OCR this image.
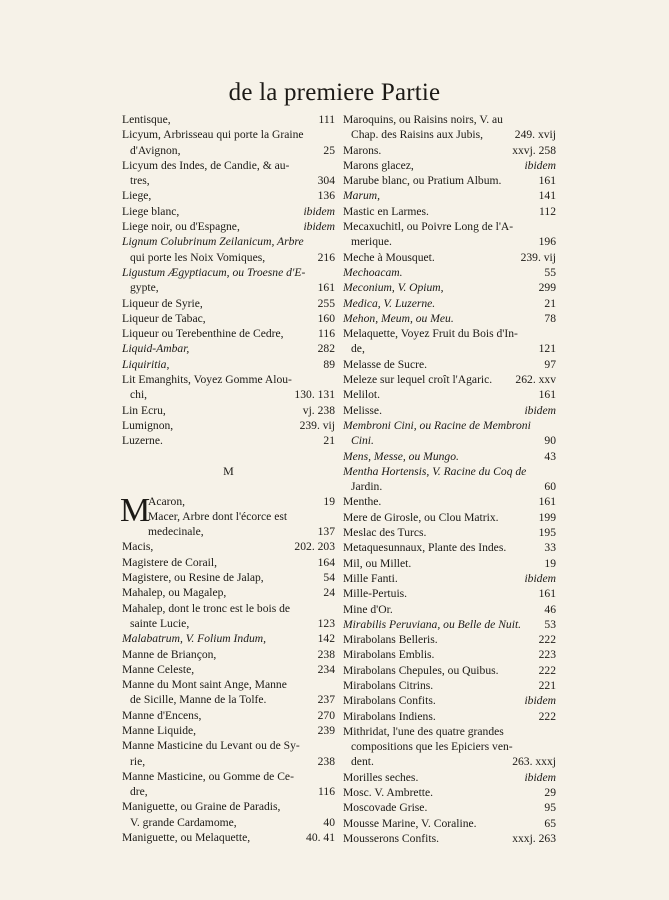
de la premiere Partie
Lentisque,	111
Licyum, Arbrisseau qui porte la Graine
d'Avignon,	25
Licyum des Indes, de Candie, & au-
tres,	304
Liege,	136
Liege blanc,	ibidem
Liege noir, ou d'Espagne,	ibidem
Lignum Colubrinum Zeilanicum, Arbre
qui porte les Noix Vomiques,	216
Ligustum Ægyptiacum, ou Troesne d'E-
gypte,	161
Liqueur de Syrie,	255
Liqueur de Tabac,	160
Liqueur ou Terebenthine de Cedre,	116
Liquid-Ambar,	282
Liquiritia,	89
Lit Emanghits, Voyez Gomme Alou-
chi,	130. 131
Lin Ecru,	vj. 238
Lumignon,	239. vij
Luzerne.	21
M
M
Acaron,	19
Macer, Arbre dont l'écorce est
medecinale,	137
Macis,	202. 203
Magistere de Corail,	164
Magistere, ou Resine de Jalap,	54
Mahalep, ou Magalep,	24
Mahalep, dont le tronc est le bois de
sainte Lucie,	123
Malabatrum, V. Folium Indum,	142
Manne de Briançon,	238
Manne Celeste,	234
Manne du Mont saint Ange, Manne
de Sicille, Manne de la Tolfe.	237
Manne d'Encens,	270
Manne Liquide,	239
Manne Masticine du Levant ou de Sy-
rie,	238
Manne Masticine, ou Gomme de Ce-
dre,	116
Maniguette, ou Graine de Paradis,
V. grande Cardamome,	40
Maniguette, ou Melaquette,	40. 41
Maroquins, ou Raisins noirs, V. au
Chap. des Raisins aux Jubis,	249. xvij
Marons.	xxvj. 258
Marons glacez,	ibidem
Marube blanc, ou Pratium Album.	161
Marum,	141
Mastic en Larmes.	112
Mecaxuchitl, ou Poivre Long de l'A-
merique.	196
Meche à Mousquet.	239. vij
Mechoacam.	55
Meconium, V. Opium,	299
Medica, V. Luzerne.	21
Mehon, Meum, ou Meu.	78
Melaquette, Voyez Fruit du Bois d'In-
de,	121
Melasse de Sucre.	97
Meleze sur lequel croît l'Agaric. 262. xxv
Melilot.	161
Melisse.	ibidem
Membroni Cini, ou Racine de Membroni
Cini.	90
Mens, Messe, ou Mungo.	43
Mentha Hortensis, V. Racine du Coq de
Jardin.	60
Menthe.	161
Mere de Girosle, ou Clou Matrix.	199
Meslac des Turcs.	195
Metaquesunnaux, Plante des Indes.	33
Mil, ou Millet.	19
Mille Fanti.	ibidem
Mille-Pertuis.	161
Mine d'Or.	46
Mirabilis Peruviana, ou Belle de Nuit. 53
Mirabolans Belleris.	222
Mirabolans Emblis.	223
Mirabolans Chepules, ou Quibus.	222
Mirabolans Citrins.	221
Mirabolans Confits.	ibidem
Mirabolans Indiens.	222
Mithridat, l'une des quatre grandes
compositions que les Epiciers ven-
dent.	263. xxxj
Morilles seches.	ibidem
Mosc. V. Ambrette.	29
Moscovade Grise.	95
Mousse Marine, V. Coraline.	65
Mousserons Confits.	xxxj. 263
